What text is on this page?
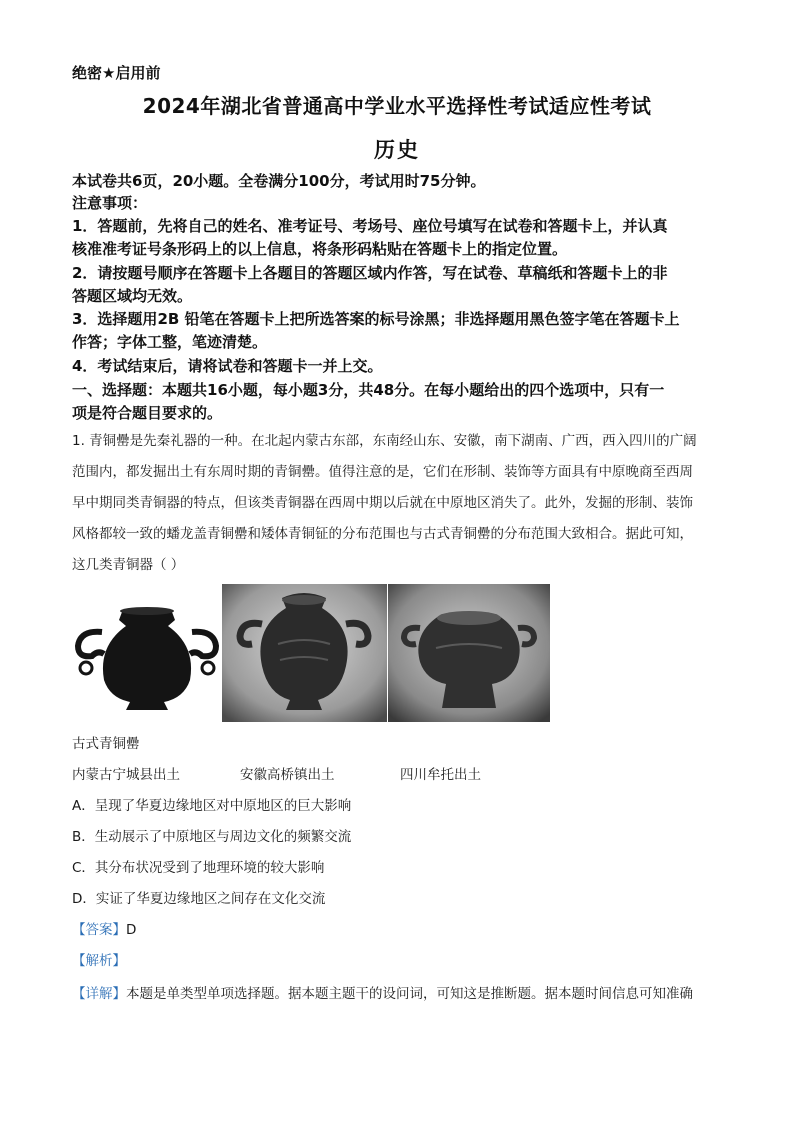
绝密★启用前
2024年湖北省普通高中学业水平选择性考试适应性考试
历史
本试卷共6页，20小题。全卷满分100分，考试用时75分钟。
注意事项：
1．答题前，先将自己的姓名、准考证号、考场号、座位号填写在试卷和答题卡上，并认真
核准准考证号条形码上的以上信息，将条形码粘贴在答题卡上的指定位置。
2．请按题号顺序在答题卡上各题目的答题区域内作答，写在试卷、草稿纸和答题卡上的非
答题区域均无效。
3．选择题用2B 铅笔在答题卡上把所选答案的标号涂黑；非选择题用黑色签字笔在答题卡上
作答；字体工整，笔迹清楚。
4．考试结束后，请将试卷和答题卡一并上交。
一、选择题：本题共16小题，每小题3分，共48分。在每小题给出的四个选项中，只有一
项是符合题目要求的。
1. 青铜罍是先秦礼器的一种。在北起内蒙古东部，东南经山东、安徽，南下湖南、广西，西入四川的广阔
范围内，都发掘出土有东周时期的青铜罍。值得注意的是，它们在形制、装饰等方面具有中原晚商至西周
早中期同类青铜器的特点，但该类青铜器在西周中期以后就在中原地区消失了。此外，发掘的形制、装饰
风格都较一致的蟠龙盖青铜罍和矮体青铜钲的分布范围也与古式青铜罍的分布范围大致相合。据此可知，
这几类青铜器（ ）
古式青铜罍
内蒙古宁城县出土	安徽高桥镇出土	四川牟托出土
A．呈现了华夏边缘地区对中原地区的巨大影响
B．生动展示了中原地区与周边文化的频繁交流
C．其分布状况受到了地理环境的较大影响
D．实证了华夏边缘地区之间存在文化交流
【答案】D
【解析】
【详解】本题是单类型单项选择题。据本题主题干的设问词，可知这是推断题。据本题时间信息可知准确
